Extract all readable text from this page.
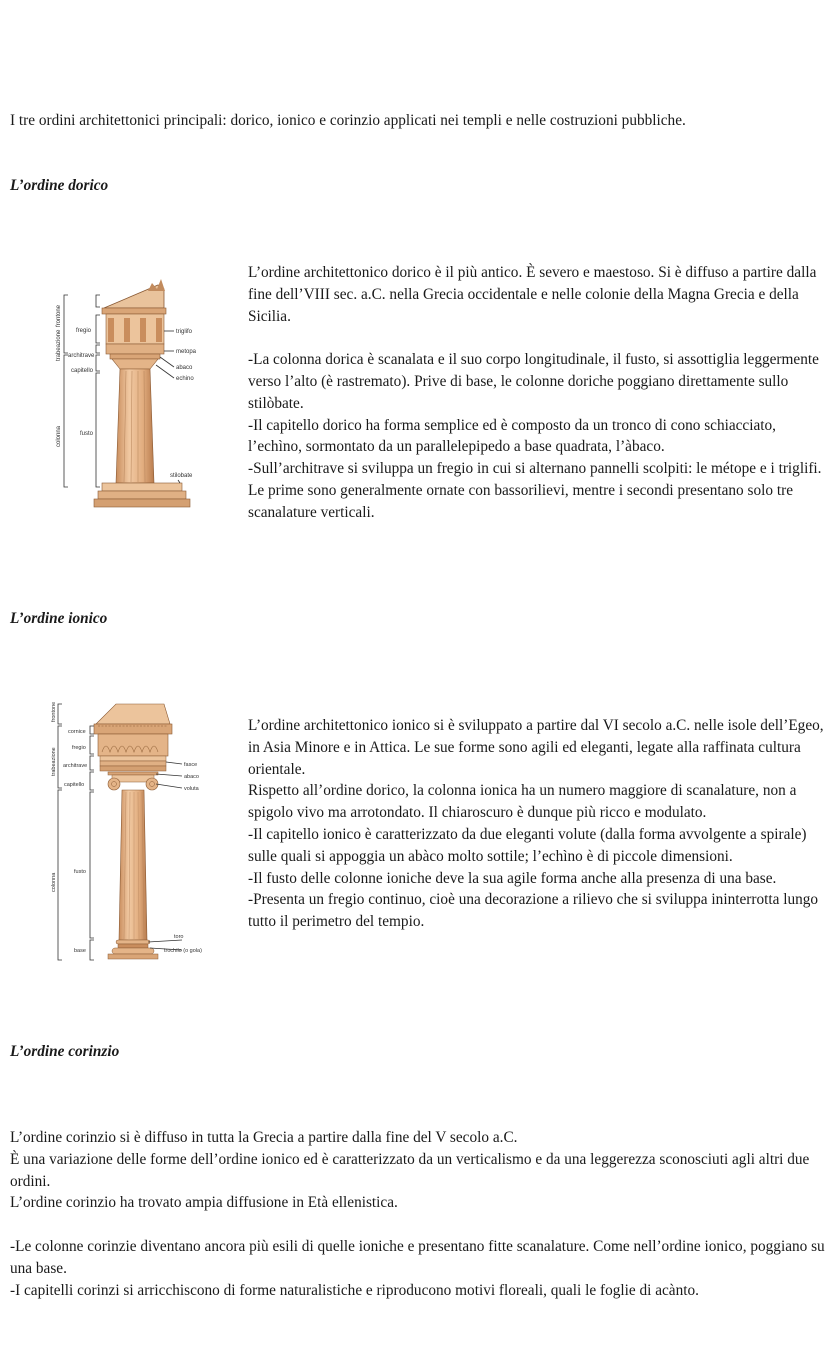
I tre ordini architettonici principali: dorico, ionico e corinzio applicati nei templi e nelle costruzioni pubbliche.
L’ordine dorico
frontone
trabeazione
colonna
fregio
architrave
capitello
fusto
triglifo
metopa
abaco
echino
stilobate

L’ordine architettonico dorico è il più antico. È severo e maestoso. Si è diffuso a partire dalla fine dell’VIII sec. a.C. nella Grecia occidentale e nelle colonie della Magna Grecia e della Sicilia.

-La colonna dorica è scanalata e il suo corpo longitudinale, il fusto, si assottiglia leggermente verso l’alto (è rastremato). Prive di base, le colonne doriche poggiano direttamente sullo stilòbate.

-Il capitello dorico ha forma semplice ed è composto da un tronco di cono schiacciato, l’echìno, sormontato da un parallelepipedo a base quadrata, l’àbaco.

-Sull’architrave si sviluppa un fregio in cui si alternano pannelli scolpiti: le métope e i triglifi. Le prime sono generalmente ornate con bassorilievi, mentre i secondi presentano solo tre scanalature verticali.

L’ordine ionico
frontone
trabeazione
colonna
cornice
fregio
architrave
capitello
fusto
base
fasce
abaco
voluta
toro
trochilo (o gola)

L’ordine architettonico ionico si è sviluppato a partire dal VI secolo a.C. nelle isole dell’Egeo, in Asia Minore e in Attica. Le sue forme sono agili ed eleganti, legate alla raffinata cultura orientale.

Rispetto all’ordine dorico, la colonna ionica ha un numero maggiore di scanalature, non a spigolo vivo ma arrotondato. Il chiaroscuro è dunque più ricco e modulato.

-Il capitello ionico è caratterizzato da due eleganti volute (dalla forma avvolgente a spirale) sulle quali si appoggia un abàco molto sottile; l’echìno è di piccole dimensioni.

-Il fusto delle colonne ioniche deve la sua agile forma anche alla presenza di una base.

-Presenta un fregio continuo, cioè una decorazione a rilievo che si sviluppa ininterrotta lungo tutto il perimetro del tempio.

L’ordine corinzio

L’ordine corinzio si è diffuso in tutta la Grecia a partire dalla fine del V secolo a.C.

È una variazione delle forme dell’ordine ionico ed è caratterizzato da un verticalismo e da una leggerezza sconosciuti agli altri due ordini.

L’ordine corinzio ha trovato ampia diffusione in Età ellenistica.

-Le colonne corinzie diventano ancora più esili di quelle ioniche e presentano fitte scanalature. Come nell’ordine ionico, poggiano su una base.

-I capitelli corinzi si arricchiscono di forme naturalistiche e riproducono motivi floreali, quali le foglie di acànto.
